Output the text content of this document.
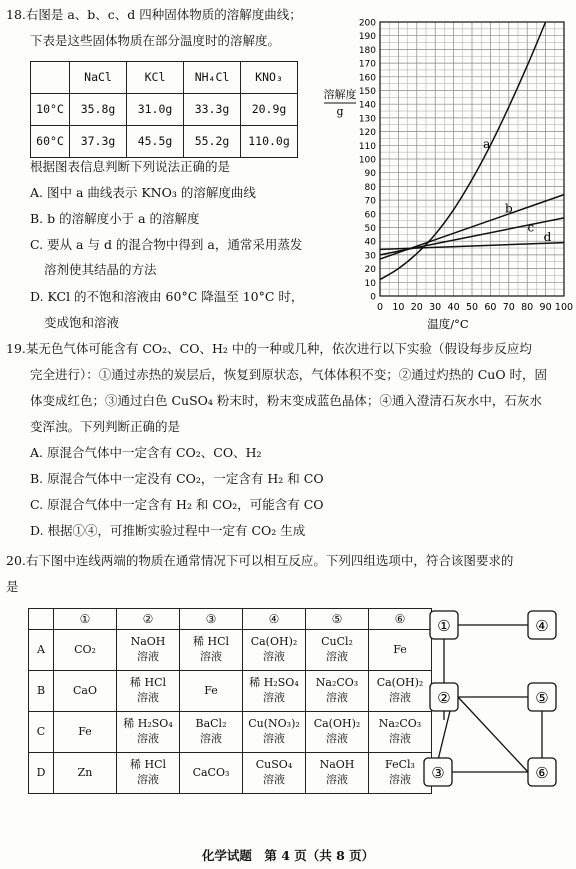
18.右图是 a、b、c、d 四种固体物质的溶解度曲线；
下表是这些固体物质在部分温度时的溶解度。
	NaCl	KCl	NH₄Cl	KNO₃
10°C	35.8g	31.0g	33.3g	20.9g
60°C	37.3g	45.5g	55.2g	110.0g
根据图表信息判断下列说法正确的是
A. 图中 a 曲线表示 KNO₃ 的溶解度曲线
B. b 的溶解度小于 a 的溶解度
C. 要从 a 与 d 的混合物中得到 a，通常采用蒸发
溶剂使其结晶的方法
D. KCl 的不饱和溶液由 60°C 降温至 10°C 时，
变成饱和溶液
a
b
c
d
0 10 20 30 40 50 60 70 80 90 100
0
10
20
30
40
50
60
70
80
90
100
110
120
130
140
150
160
170
180
190
200
溶解度
g
温度/°C
19.某无色气体可能含有 CO₂、CO、H₂ 中的一种或几种，依次进行以下实验（假设每步反应均
完全进行）：①通过赤热的炭层后，恢复到原状态，气体体积不变；②通过灼热的 CuO 时，固
体变成红色；③通过白色 CuSO₄ 粉末时，粉末变成蓝色晶体；④通入澄清石灰水中，石灰水
变浑浊。下列判断正确的是
A. 原混合气体中一定含有 CO₂、CO、H₂
B. 原混合气体中一定没有 CO₂，一定含有 H₂ 和 CO
C. 原混合气体中一定含有 H₂ 和 CO₂，可能含有 CO
D. 根据①④，可推断实验过程中一定有 CO₂ 生成
20.右下图中连线两端的物质在通常情况下可以相互反应。下列四组选项中，符合该图要求的
是
	①	②	③	④	⑤	⑥
A	CO₂	NaOH
溶液	稀 HCl
溶液	Ca(OH)₂
溶液	CuCl₂
溶液	Fe
B	CaO	稀 HCl
溶液	Fe	稀 H₂SO₄
溶液	Na₂CO₃
溶液	Ca(OH)₂
溶液
C	Fe	稀 H₂SO₄
溶液	BaCl₂
溶液	Cu(NO₃)₂
溶液	Ca(OH)₂
溶液	Na₂CO₃
溶液
D	Zn	稀 HCl
溶液	CaCO₃	CuSO₄
溶液	NaOH
溶液	FeCl₃
溶液
①	④
②	⑤
③	⑥
化学试题　第 4 页（共 8 页）
